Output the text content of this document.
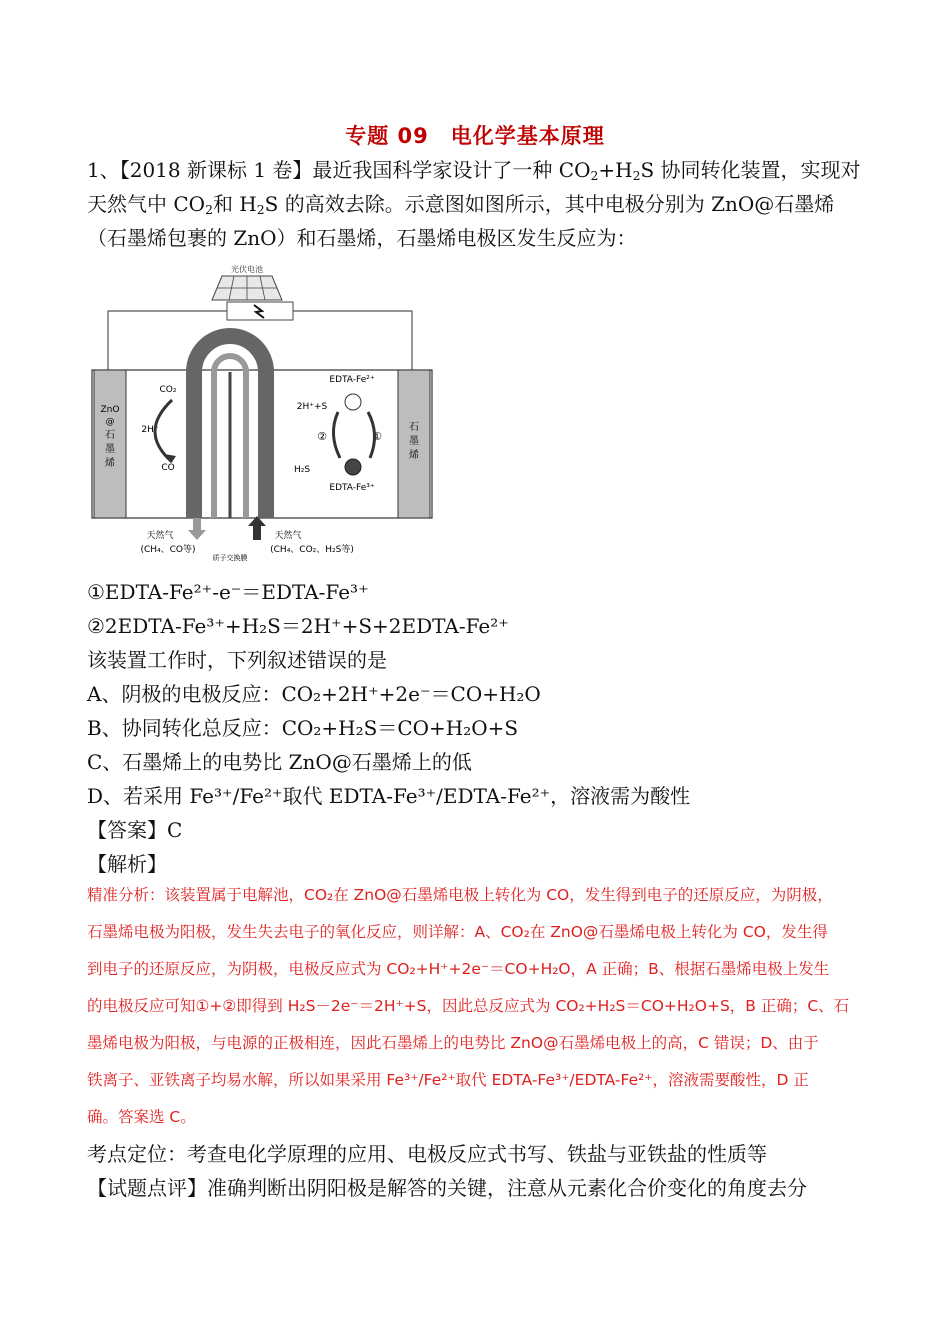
专题 09　电化学基本原理
1、【2018 新课标 1 卷】最近我国科学家设计了一种 $CO_2+H_2S$ 协同转化装置，实现对
天然气中 $CO_2$和 $H_2S$ 的高效去除。示意图如图所示，其中电极分别为 ZnO@石墨烯
（石墨烯包裹的 ZnO）和石墨烯，石墨烯电极区发生反应为：
光伏电池
ZnO
@
石
墨
烯
石
墨
烯
CO₂
2H⁺
CO
EDTA-Fe²⁺
2H⁺+S
②	①
EDTA-Fe³⁺
H₂S
天然气
(CH₄、CO等)
天然气
(CH₄、CO₂、H₂S等)
质子交换膜
①EDTA-Fe²⁺-e⁻＝EDTA-Fe³⁺
②2EDTA-Fe³⁺+H₂S＝2H⁺+S+2EDTA-Fe²⁺
该装置工作时，下列叙述错误的是
A、阴极的电极反应：CO₂+2H⁺+2e⁻＝CO+H₂O
B、协同转化总反应：CO₂+H₂S＝CO+H₂O+S
C、石墨烯上的电势比 ZnO@石墨烯上的低
D、若采用 Fe³⁺/Fe²⁺取代 EDTA-Fe³⁺/EDTA-Fe²⁺，溶液需为酸性
【答案】C
【解析】
精准分析：该装置属于电解池，CO₂在 ZnO@石墨烯电极上转化为 CO，发生得到电子的还原反应，为阴极，
石墨烯电极为阳极，发生失去电子的氧化反应，则详解：A、CO₂在 ZnO@石墨烯电极上转化为 CO，发生得
到电子的还原反应，为阴极，电极反应式为 CO₂+H⁺+2e⁻＝CO+H₂O，A 正确；B、根据石墨烯电极上发生
的电极反应可知①+②即得到 H₂S－2e⁻＝2H⁺+S，因此总反应式为 CO₂+H₂S＝CO+H₂O+S，B 正确；C、石
墨烯电极为阳极，与电源的正极相连，因此石墨烯上的电势比 ZnO@石墨烯电极上的高，C 错误；D、由于
铁离子、亚铁离子均易水解，所以如果采用 Fe³⁺/Fe²⁺取代 EDTA-Fe³⁺/EDTA-Fe²⁺，溶液需要酸性，D 正
确。答案选 C。
考点定位：考查电化学原理的应用、电极反应式书写、铁盐与亚铁盐的性质等
【试题点评】准确判断出阴阳极是解答的关键，注意从元素化合价变化的角度去分
